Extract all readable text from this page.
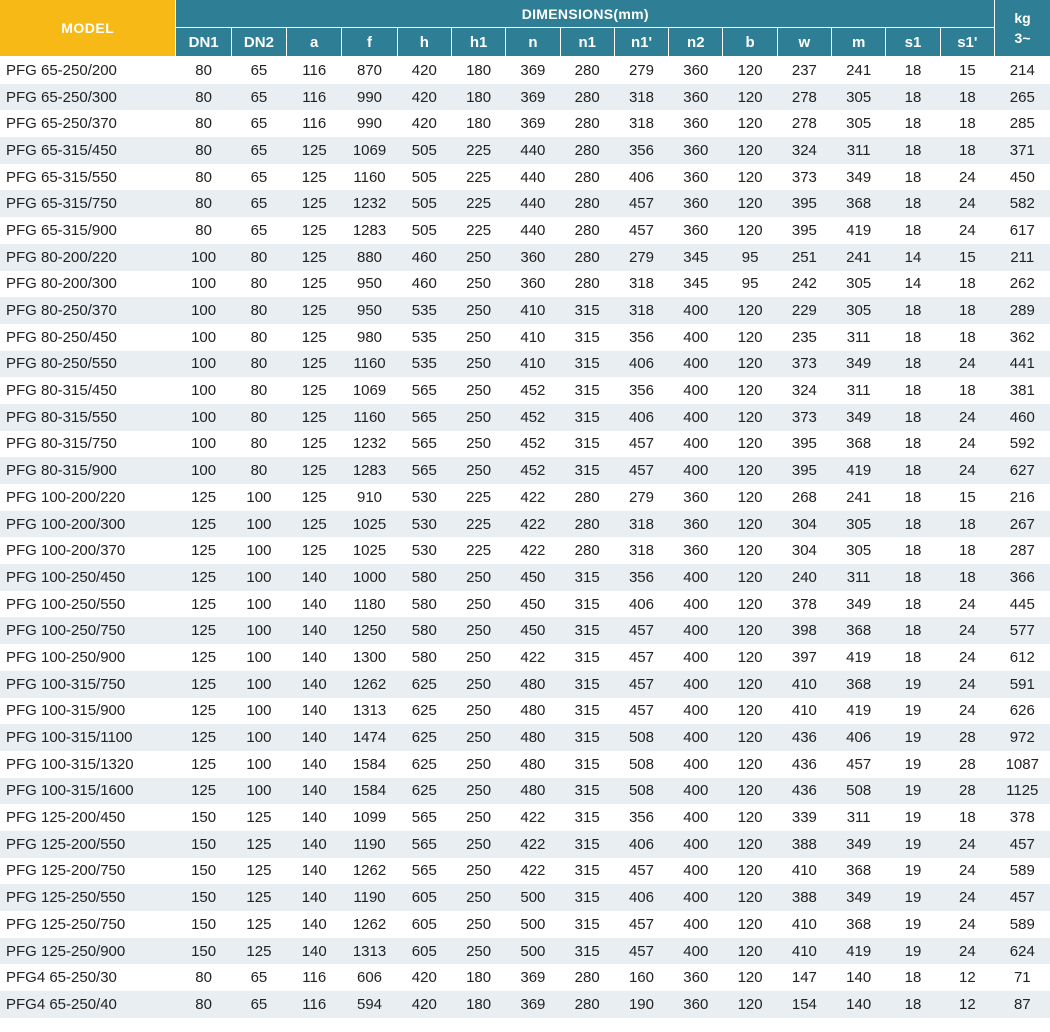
MODEL	DIMENSIONS(mm)															kg
3~

	DN1	DN2	a	f	h	h1	n	n1	n1'	n2	b	w	m	s1	s1'	
PFG 65-250/200	80	65	116	870	420	180	369	280	279	360	120	237	241	18	15	214
PFG 65-250/300	80	65	116	990	420	180	369	280	318	360	120	278	305	18	18	265
PFG 65-250/370	80	65	116	990	420	180	369	280	318	360	120	278	305	18	18	285
PFG 65-315/450	80	65	125	1069	505	225	440	280	356	360	120	324	311	18	18	371
PFG 65-315/550	80	65	125	1160	505	225	440	280	406	360	120	373	349	18	24	450
PFG 65-315/750	80	65	125	1232	505	225	440	280	457	360	120	395	368	18	24	582
PFG 65-315/900	80	65	125	1283	505	225	440	280	457	360	120	395	419	18	24	617
PFG 80-200/220	100	80	125	880	460	250	360	280	279	345	95	251	241	14	15	211
PFG 80-200/300	100	80	125	950	460	250	360	280	318	345	95	242	305	14	18	262
PFG 80-250/370	100	80	125	950	535	250	410	315	318	400	120	229	305	18	18	289
PFG 80-250/450	100	80	125	980	535	250	410	315	356	400	120	235	311	18	18	362
PFG 80-250/550	100	80	125	1160	535	250	410	315	406	400	120	373	349	18	24	441
PFG 80-315/450	100	80	125	1069	565	250	452	315	356	400	120	324	311	18	18	381
PFG 80-315/550	100	80	125	1160	565	250	452	315	406	400	120	373	349	18	24	460
PFG 80-315/750	100	80	125	1232	565	250	452	315	457	400	120	395	368	18	24	592
PFG 80-315/900	100	80	125	1283	565	250	452	315	457	400	120	395	419	18	24	627
PFG 100-200/220	125	100	125	910	530	225	422	280	279	360	120	268	241	18	15	216
PFG 100-200/300	125	100	125	1025	530	225	422	280	318	360	120	304	305	18	18	267
PFG 100-200/370	125	100	125	1025	530	225	422	280	318	360	120	304	305	18	18	287
PFG 100-250/450	125	100	140	1000	580	250	450	315	356	400	120	240	311	18	18	366
PFG 100-250/550	125	100	140	1180	580	250	450	315	406	400	120	378	349	18	24	445
PFG 100-250/750	125	100	140	1250	580	250	450	315	457	400	120	398	368	18	24	577
PFG 100-250/900	125	100	140	1300	580	250	422	315	457	400	120	397	419	18	24	612
PFG 100-315/750	125	100	140	1262	625	250	480	315	457	400	120	410	368	19	24	591
PFG 100-315/900	125	100	140	1313	625	250	480	315	457	400	120	410	419	19	24	626
PFG 100-315/1100	125	100	140	1474	625	250	480	315	508	400	120	436	406	19	28	972
PFG 100-315/1320	125	100	140	1584	625	250	480	315	508	400	120	436	457	19	28	1087
PFG 100-315/1600	125	100	140	1584	625	250	480	315	508	400	120	436	508	19	28	1125
PFG 125-200/450	150	125	140	1099	565	250	422	315	356	400	120	339	311	19	18	378
PFG 125-200/550	150	125	140	1190	565	250	422	315	406	400	120	388	349	19	24	457
PFG 125-200/750	150	125	140	1262	565	250	422	315	457	400	120	410	368	19	24	589
PFG 125-250/550	150	125	140	1190	605	250	500	315	406	400	120	388	349	19	24	457
PFG 125-250/750	150	125	140	1262	605	250	500	315	457	400	120	410	368	19	24	589
PFG 125-250/900	150	125	140	1313	605	250	500	315	457	400	120	410	419	19	24	624
PFG4 65-250/30	80	65	116	606	420	180	369	280	160	360	120	147	140	18	12	71
PFG4 65-250/40	80	65	116	594	420	180	369	280	190	360	120	154	140	18	12	87
